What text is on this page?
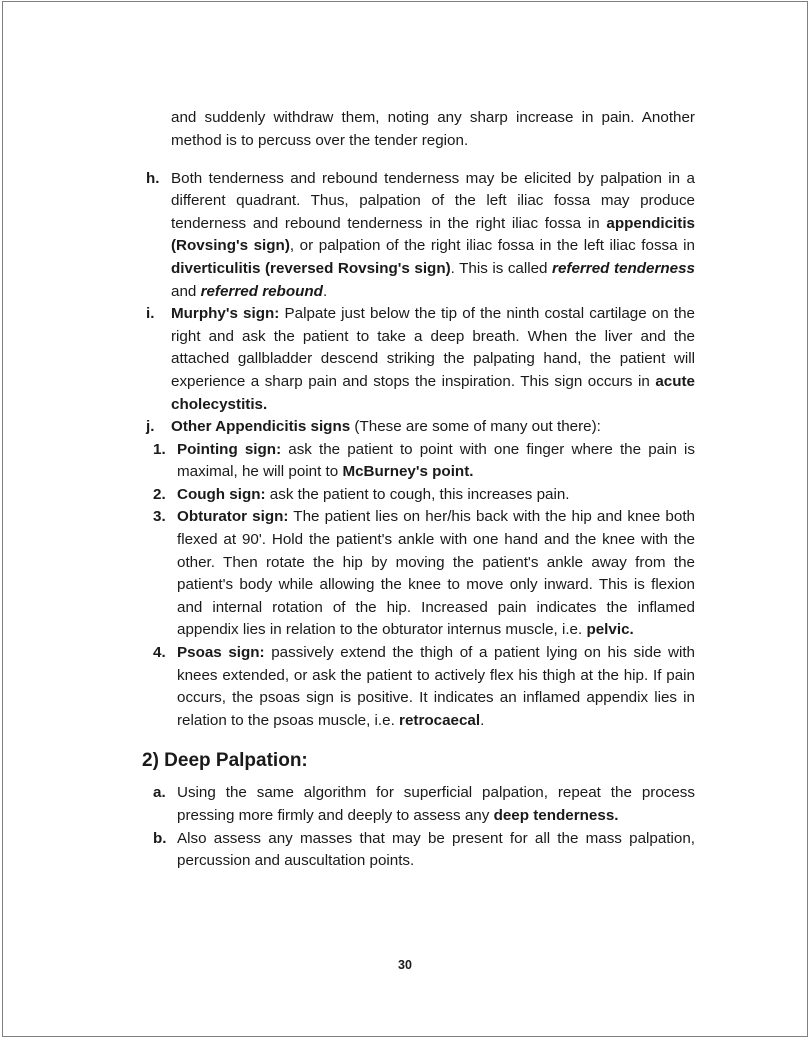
and suddenly withdraw them, noting any sharp increase in pain. Another method is to percuss over the tender region.

h. Both tenderness and rebound tenderness may be elicited by palpation in a different quadrant. Thus, palpation of the left iliac fossa may produce tenderness and rebound tenderness in the right iliac fossa in appendicitis (Rovsing's sign), or palpation of the right iliac fossa in the left iliac fossa in diverticulitis (reversed Rovsing's sign). This is called referred tenderness and referred rebound.

i. Murphy's sign: Palpate just below the tip of the ninth costal cartilage on the right and ask the patient to take a deep breath. When the liver and the attached gallbladder descend striking the palpating hand, the patient will experience a sharp pain and stops the inspiration. This sign occurs in acute cholecystitis.

j. Other Appendicitis signs (These are some of many out there):

1. Pointing sign: ask the patient to point with one finger where the pain is maximal, he will point to McBurney's point.

2. Cough sign: ask the patient to cough, this increases pain.

3. Obturator sign: The patient lies on her/his back with the hip and knee both flexed at 90'. Hold the patient's ankle with one hand and the knee with the other. Then rotate the hip by moving the patient's ankle away from the patient's body while allowing the knee to move only inward. This is flexion and internal rotation of the hip. Increased pain indicates the inflamed appendix lies in relation to the obturator internus muscle, i.e. pelvic.

4. Psoas sign: passively extend the thigh of a patient lying on his side with knees extended, or ask the patient to actively flex his thigh at the hip. If pain occurs, the psoas sign is positive. It indicates an inflamed appendix lies in relation to the psoas muscle, i.e. retrocaecal.

2) Deep Palpation:

a. Using the same algorithm for superficial palpation, repeat the process pressing more firmly and deeply to assess any deep tenderness.

b. Also assess any masses that may be present for all the mass palpation, percussion and auscultation points.

30
